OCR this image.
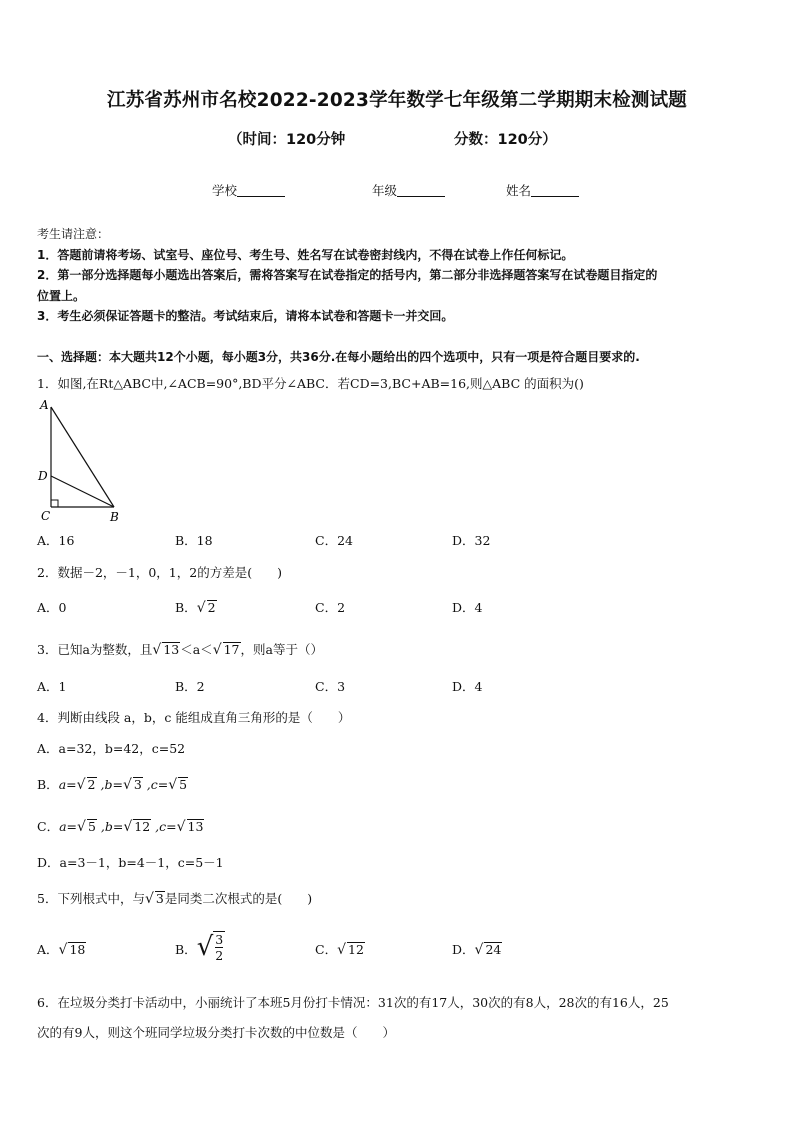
江苏省苏州市名校2022-2023学年数学七年级第二学期期末检测试题
（时间：120分钟	分数：120分）
学校	年级	姓名
考生请注意：
1．答题前请将考场、试室号、座位号、考生号、姓名写在试卷密封线内，不得在试卷上作任何标记。
2．第一部分选择题每小题选出答案后，需将答案写在试卷指定的括号内，第二部分非选择题答案写在试卷题目指定的
位置上。
3．考生必须保证答题卡的整洁。考试结束后，请将本试卷和答题卡一并交回。
一、选择题：本大题共12个小题，每小题3分，共36分.在每小题给出的四个选项中，只有一项是符合题目要求的.
1．如图,在Rt△ABC中,∠ACB=90°,BD平分∠ABC．若CD=3,BC+AB=16,则△ABC 的面积为()
A
D
C	B
A．16	B．18	C．24	D．32
2．数据－2，－1，0，1，2的方差是(　　)
A．0	B．√ 2	C．2	D．4
3．已知a为整数，且√ 13＜a＜√ 17，则a等于（）
A．1	B．2	C．3	D．4
4．判断由线段 a，b，c 能组成直角三角形的是（　　）
A．a=32，b=42，c=52
B．a=√ 2 ,b=√ 3 ,c=√ 5
C．a=√ 5 ,b=√ 12 ,c=√ 13
D．a=3－1，b=4－1，c=5－1
5．下列根式中，与√ 3是同类二次根式的是(　　)
A．√ 18	B．√ $\frac{3}{2}$	C．√ 12	D．√ 24
6．在垃圾分类打卡活动中，小丽统计了本班5月份打卡情况：31次的有17人，30次的有8人，28次的有16人，25
次的有9人，则这个班同学垃圾分类打卡次数的中位数是（　　）
